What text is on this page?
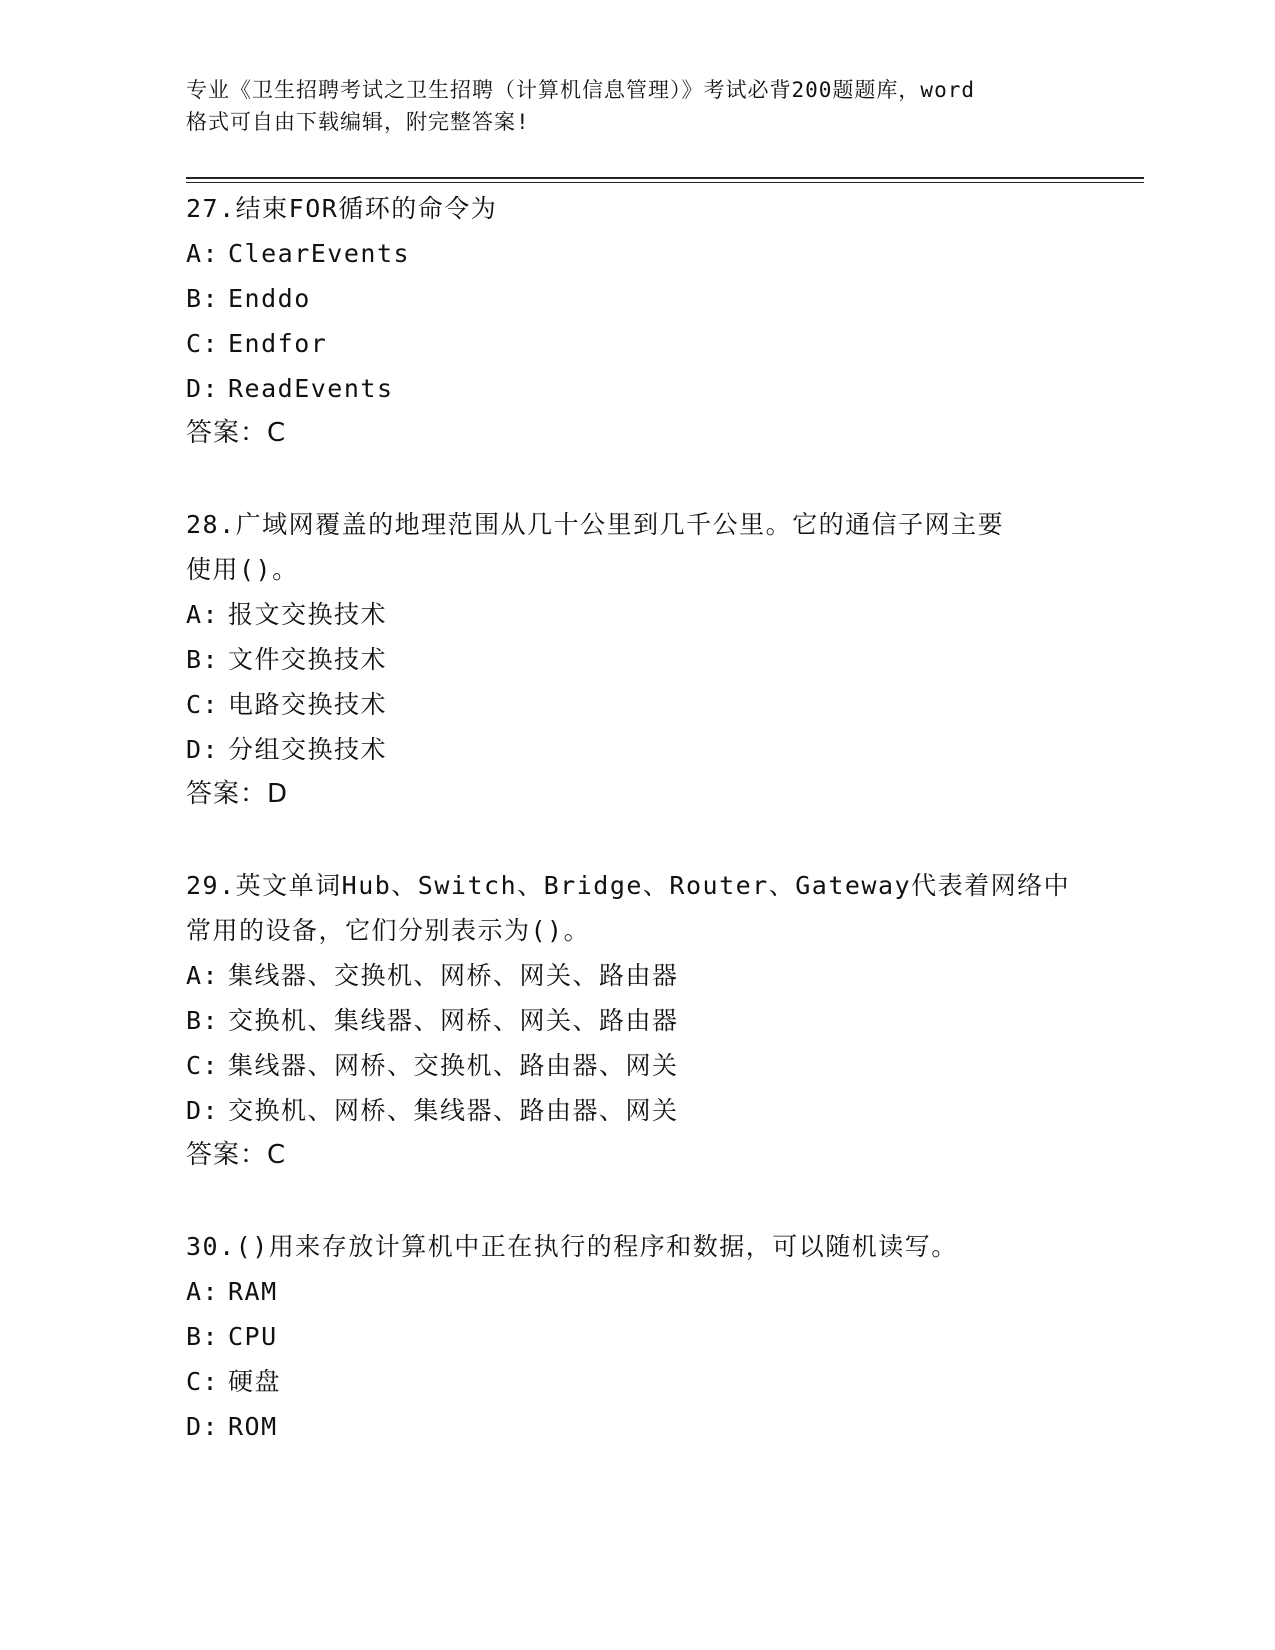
专业《卫生招聘考试之卫生招聘（计算机信息管理）》考试必背200题题库，word
格式可自由下载编辑，附完整答案!
27.结束FOR循环的命令为
A: ClearEvents
B: Enddo
C: Endfor
D: ReadEvents
答案：C
28.广域网覆盖的地理范围从几十公里到几千公里。它的通信子网主要
使用()。
A: 报文交换技术
B: 文件交换技术
C: 电路交换技术
D: 分组交换技术
答案：D
29.英文单词Hub、Switch、Bridge、Router、Gateway代表着网络中
常用的设备，它们分别表示为()。
A: 集线器、交换机、网桥、网关、路由器
B: 交换机、集线器、网桥、网关、路由器
C: 集线器、网桥、交换机、路由器、网关
D: 交换机、网桥、集线器、路由器、网关
答案：C
30.()用来存放计算机中正在执行的程序和数据，可以随机读写。
A: RAM
B: CPU
C: 硬盘
D: ROM
